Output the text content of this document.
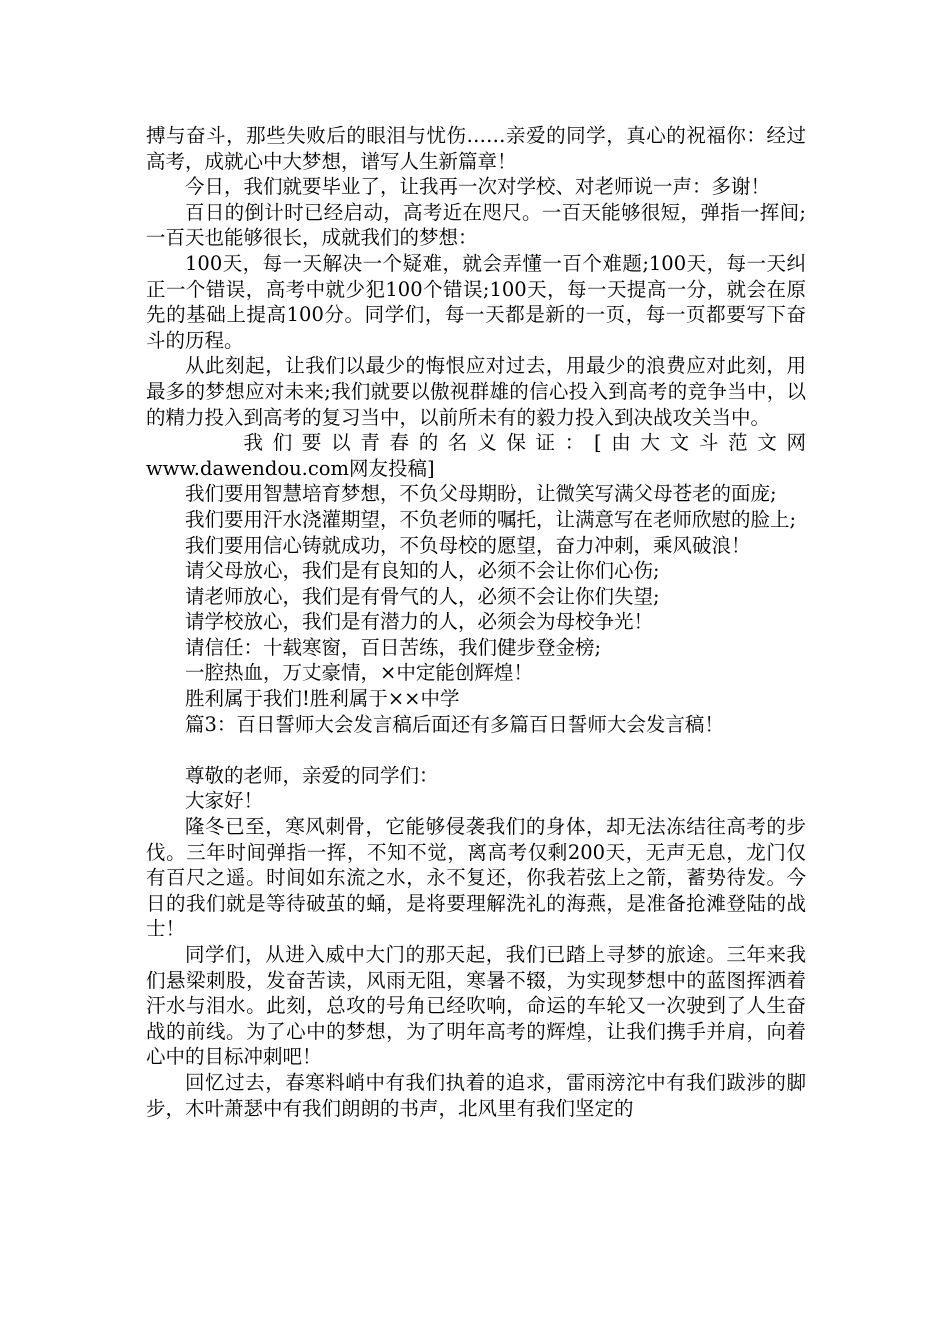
搏与奋斗，那些失败后的眼泪与忧伤……亲爱的同学，真心的祝福你：经过高考，成就心中大梦想，谱写人生新篇章！

今日，我们就要毕业了，让我再一次对学校、对老师说一声：多谢！

百日的倒计时已经启动，高考近在咫尺。一百天能够很短，弹指一挥间;一百天也能够很长，成就我们的梦想：

100天，每一天解决一个疑难，就会弄懂一百个难题;100天，每一天纠正一个错误，高考中就少犯100个错误;100天，每一天提高一分，就会在原先的基础上提高100分。同学们，每一天都是新的一页，每一页都要写下奋斗的历程。

从此刻起，让我们以最少的悔恨应对过去，用最少的浪费应对此刻，用最多的梦想应对未来;我们就要以傲视群雄的信心投入到高考的竞争当中，以的精力投入到高考的复习当中，以前所未有的毅力投入到决战攻关当中。

我们要以青春的名义保证：[由大文斗范文网

www.dawendou.com网友投稿]

我们要用智慧培育梦想，不负父母期盼，让微笑写满父母苍老的面庞;

我们要用汗水浇灌期望，不负老师的嘱托，让满意写在老师欣慰的脸上;

我们要用信心铸就成功，不负母校的愿望，奋力冲刺，乘风破浪！

请父母放心，我们是有良知的人，必须不会让你们心伤;

请老师放心，我们是有骨气的人，必须不会让你们失望;

请学校放心，我们是有潜力的人，必须会为母校争光！

请信任：十载寒窗，百日苦练，我们健步登金榜;

一腔热血，万丈豪情，×中定能创辉煌！

胜利属于我们!胜利属于××中学

篇3：百日誓师大会发言稿后面还有多篇百日誓师大会发言稿！

尊敬的老师，亲爱的同学们：

大家好！

隆冬已至，寒风刺骨，它能够侵袭我们的身体，却无法冻结往高考的步伐。三年时间弹指一挥，不知不觉，离高考仅剩200天，无声无息，龙门仅有百尺之遥。时间如东流之水，永不复还，你我若弦上之箭，蓄势待发。今日的我们就是等待破茧的蛹，是将要理解洗礼的海燕，是准备抢滩登陆的战士！

同学们，从进入威中大门的那天起，我们已踏上寻梦的旅途。三年来我们悬梁刺股，发奋苦读，风雨无阻，寒暑不辍，为实现梦想中的蓝图挥洒着汗水与泪水。此刻，总攻的号角已经吹响，命运的车轮又一次驶到了人生奋战的前线。为了心中的梦想，为了明年高考的辉煌，让我们携手并肩，向着心中的目标冲刺吧！

回忆过去，春寒料峭中有我们执着的追求，雷雨滂沱中有我们跋涉的脚步，木叶萧瑟中有我们朗朗的书声，北风里有我们坚定的
